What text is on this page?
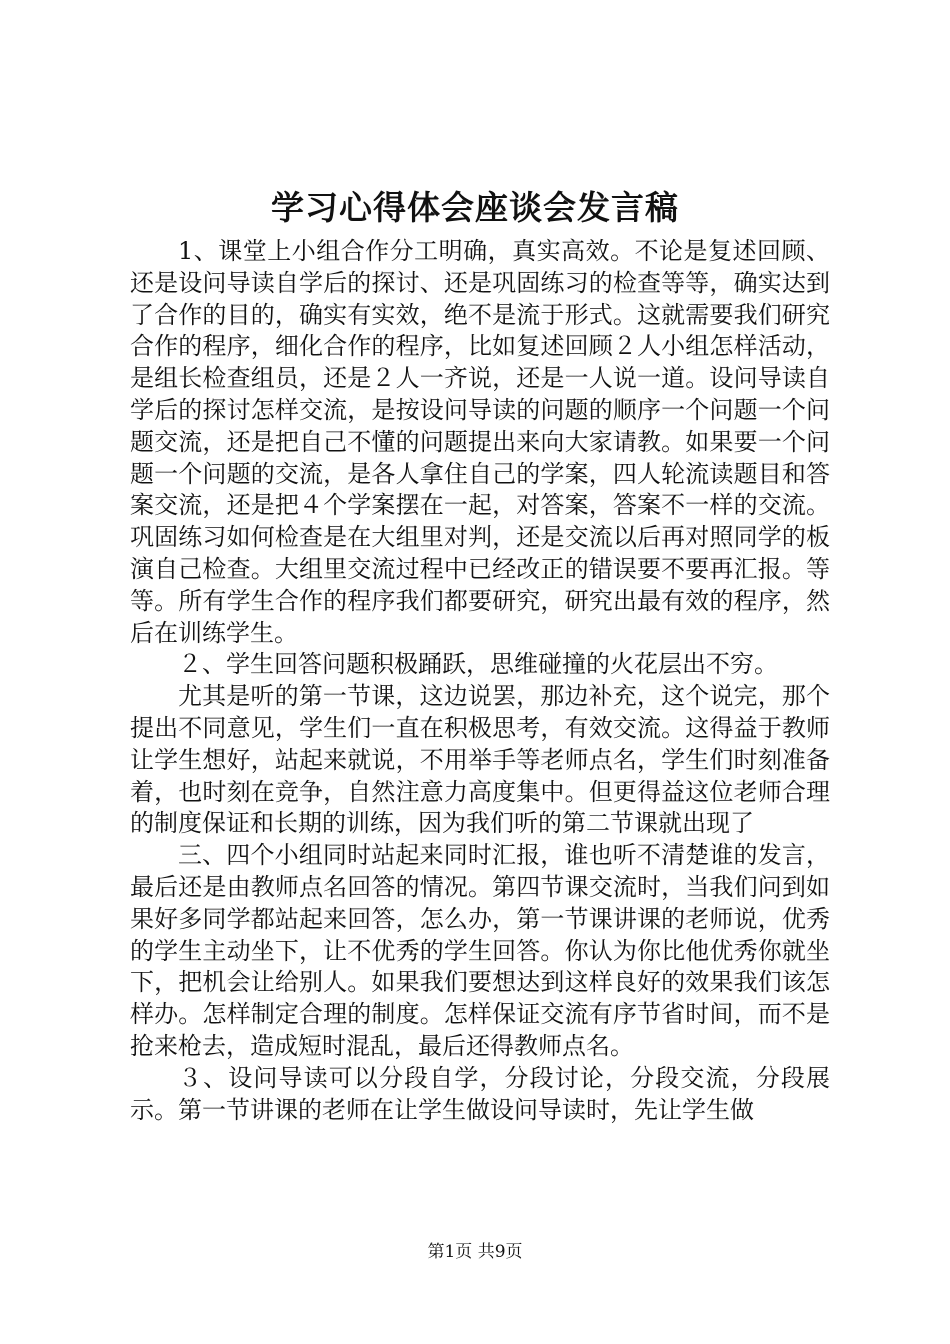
学习心得体会座谈会发言稿

1、课堂上小组合作分工明确，真实高效。不论是复述回顾、还是设问导读自学后的探讨、还是巩固练习的检查等等，确实达到了合作的目的，确实有实效，绝不是流于形式。这就需要我们研究合作的程序，细化合作的程序，比如复述回顾２人小组怎样活动，是组长检查组员，还是２人一齐说，还是一人说一道。设问导读自学后的探讨怎样交流，是按设问导读的问题的顺序一个问题一个问题交流，还是把自己不懂的问题提出来向大家请教。如果要一个问题一个问题的交流，是各人拿住自己的学案，四人轮流读题目和答案交流，还是把４个学案摆在一起，对答案，答案不一样的交流。巩固练习如何检查是在大组里对判，还是交流以后再对照同学的板演自己检查。大组里交流过程中已经改正的错误要不要再汇报。等等。所有学生合作的程序我们都要研究，研究出最有效的程序，然后在训练学生。

２、学生回答问题积极踊跃，思维碰撞的火花层出不穷。

尤其是听的第一节课，这边说罢，那边补充，这个说完，那个提出不同意见，学生们一直在积极思考，有效交流。这得益于教师让学生想好，站起来就说，不用举手等老师点名，学生们时刻准备着，也时刻在竞争，自然注意力高度集中。但更得益这位老师合理的制度保证和长期的训练，因为我们听的第二节课就出现了

三、四个小组同时站起来同时汇报，谁也听不清楚谁的发言，最后还是由教师点名回答的情况。第四节课交流时，当我们问到如果好多同学都站起来回答，怎么办，第一节课讲课的老师说，优秀的学生主动坐下，让不优秀的学生回答。你认为你比他优秀你就坐下，把机会让给别人。如果我们要想达到这样良好的效果我们该怎样办。怎样制定合理的制度。怎样保证交流有序节省时间，而不是抢来枪去，造成短时混乱，最后还得教师点名。

３、设问导读可以分段自学，分段讨论，分段交流，分段展示。第一节讲课的老师在让学生做设问导读时，先让学生做

第1页 共9页
